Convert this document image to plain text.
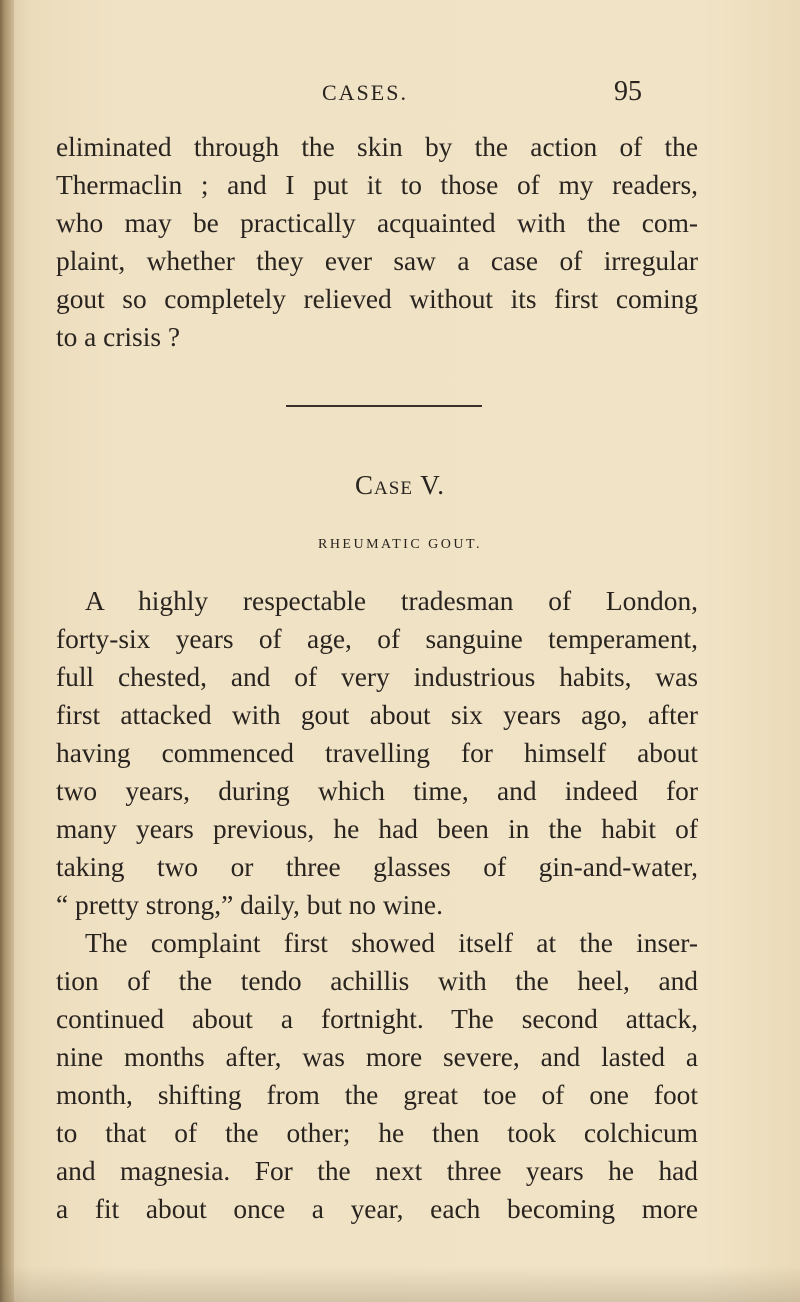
CASES.	95
eliminated through the skin by the action of the
Thermaclin ; and I put it to those of my readers,
who may be practically acquainted with the com-
plaint, whether they ever saw a case of irregular
gout so completely relieved without its first coming
to a crisis ?
Case V.
RHEUMATIC GOUT.
A highly respectable tradesman of London,
forty-six years of age, of sanguine temperament,
full chested, and of very industrious habits, was
first attacked with gout about six years ago, after
having commenced travelling for himself about
two years, during which time, and indeed for
many years previous, he had been in the habit of
taking two or three glasses of gin-and-water,
“ pretty strong,” daily, but no wine.
The complaint first showed itself at the inser-
tion of the tendo achillis with the heel, and
continued about a fortnight. The second attack,
nine months after, was more severe, and lasted a
month, shifting from the great toe of one foot
to that of the other; he then took colchicum
and magnesia. For the next three years he had
a fit about once a year, each becoming more
